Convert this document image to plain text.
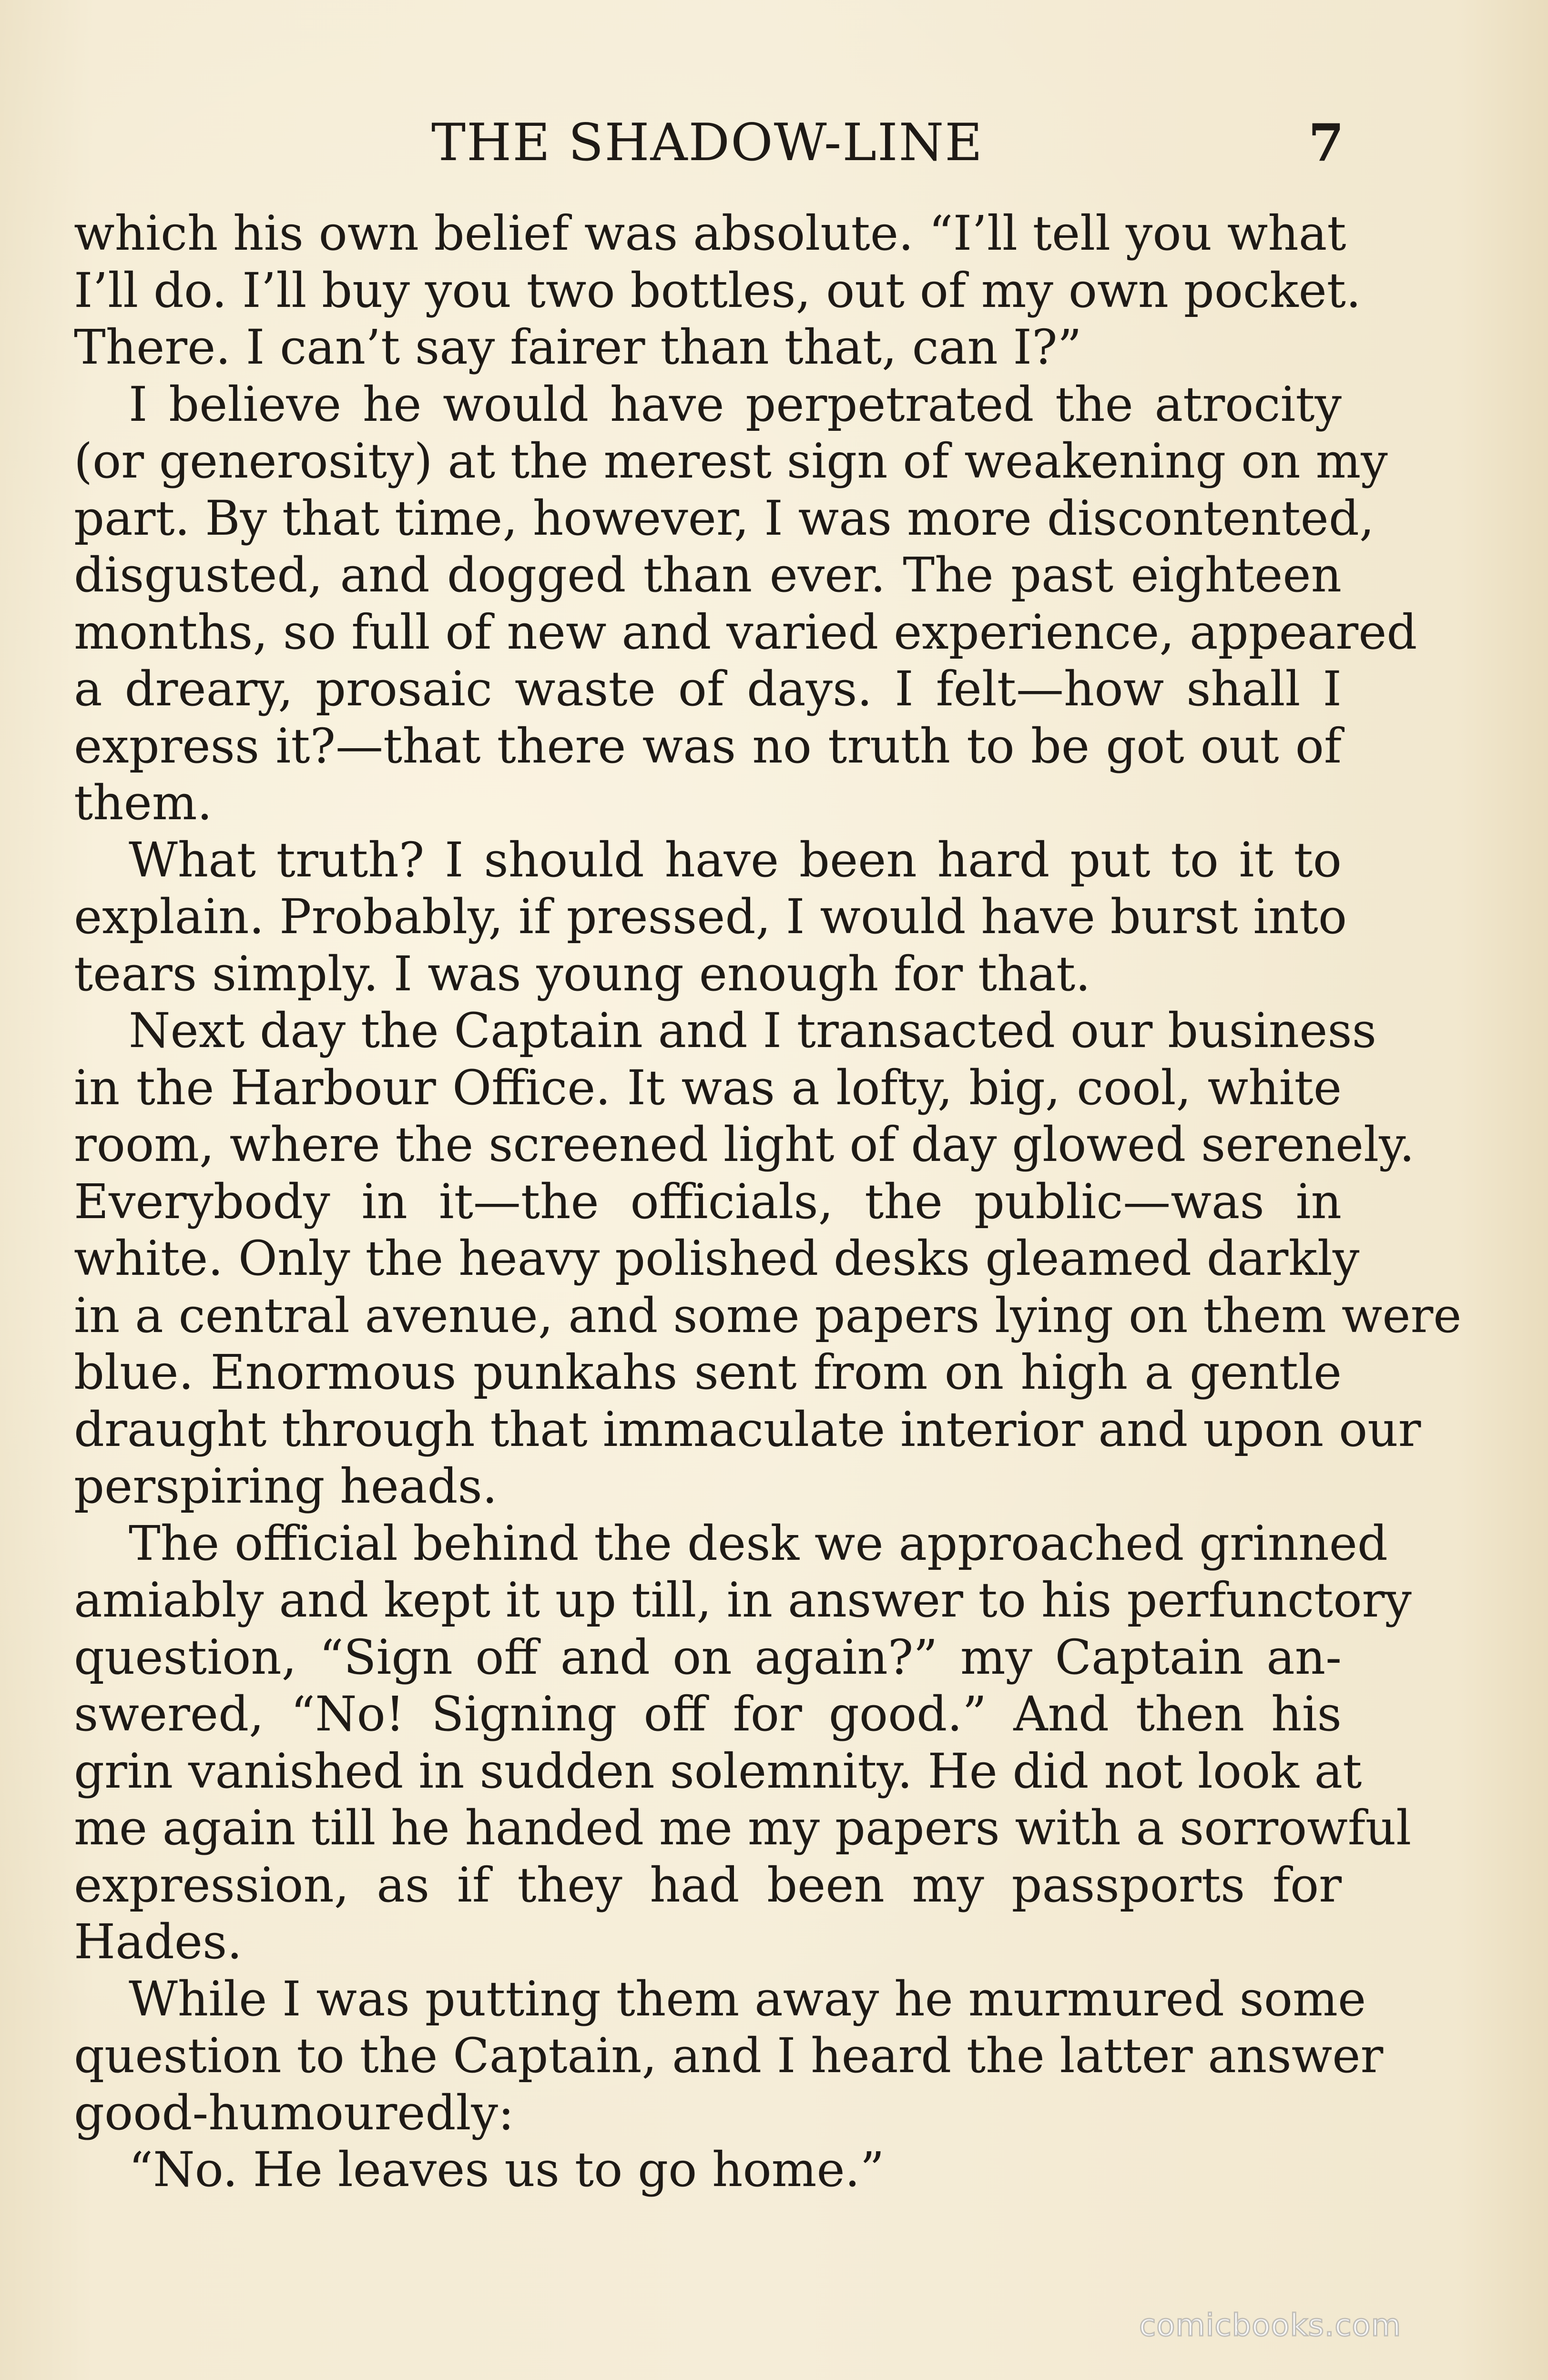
THE SHADOW-LINE	7
which his own belief was absolute. “I’ll tell you what
I’ll do. I’ll buy you two bottles, out of my own pocket.
There. I can’t say fairer than that, can I?”
I believe he would have perpetrated the atrocity
(or generosity) at the merest sign of weakening on my
part. By that time, however, I was more discontented,
disgusted, and dogged than ever. The past eighteen
months, so full of new and varied experience, appeared
a dreary, prosaic waste of days. I felt—how shall I
express it?—that there was no truth to be got out of
them.
What truth? I should have been hard put to it to
explain. Probably, if pressed, I would have burst into
tears simply. I was young enough for that.
Next day the Captain and I transacted our business
in the Harbour Office. It was a lofty, big, cool, white
room, where the screened light of day glowed serenely.
Everybody in it—the officials, the public—was in
white. Only the heavy polished desks gleamed darkly
in a central avenue, and some papers lying on them were
blue. Enormous punkahs sent from on high a gentle
draught through that immaculate interior and upon our
perspiring heads.
The official behind the desk we approached grinned
amiably and kept it up till, in answer to his perfunctory
question, “Sign off and on again?” my Captain an-
swered, “No! Signing off for good.” And then his
grin vanished in sudden solemnity. He did not look at
me again till he handed me my papers with a sorrowful
expression, as if they had been my passports for
Hades.
While I was putting them away he murmured some
question to the Captain, and I heard the latter answer
good-humouredly:
“No. He leaves us to go home.”
comicbooks.com
